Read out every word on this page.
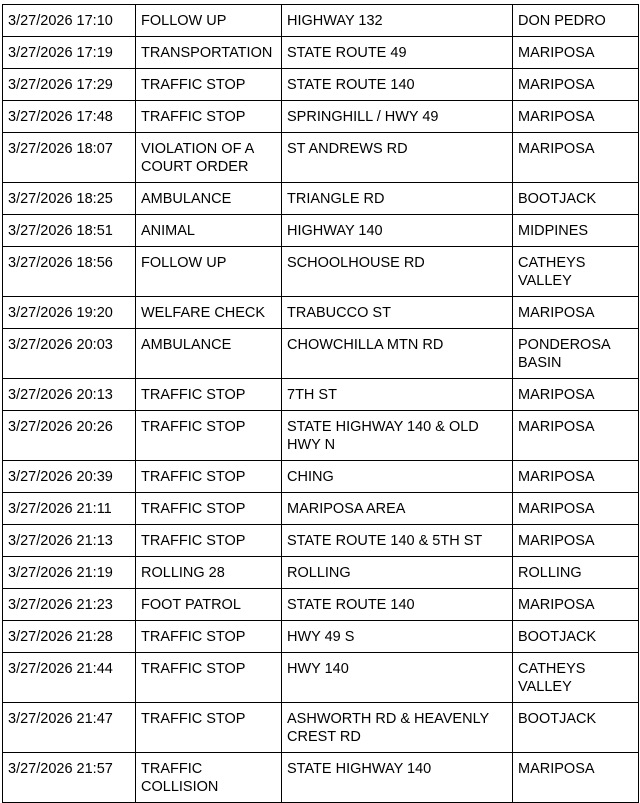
3/27/2026 17:10	FOLLOW UP	HIGHWAY 132	DON PEDRO
3/27/2026 17:19	TRANSPORTATION	STATE ROUTE 49	MARIPOSA
3/27/2026 17:29	TRAFFIC STOP	STATE ROUTE 140	MARIPOSA
3/27/2026 17:48	TRAFFIC STOP	SPRINGHILL / HWY 49	MARIPOSA
3/27/2026 18:07	VIOLATION OF A COURT ORDER	ST ANDREWS RD	MARIPOSA
3/27/2026 18:25	AMBULANCE	TRIANGLE RD	BOOTJACK
3/27/2026 18:51	ANIMAL	HIGHWAY 140	MIDPINES
3/27/2026 18:56	FOLLOW UP	SCHOOLHOUSE RD	CATHEYS VALLEY
3/27/2026 19:20	WELFARE CHECK	TRABUCCO ST	MARIPOSA
3/27/2026 20:03	AMBULANCE	CHOWCHILLA MTN RD	PONDEROSA BASIN
3/27/2026 20:13	TRAFFIC STOP	7TH ST	MARIPOSA
3/27/2026 20:26	TRAFFIC STOP	STATE HIGHWAY 140 & OLD HWY N	MARIPOSA
3/27/2026 20:39	TRAFFIC STOP	CHING	MARIPOSA
3/27/2026 21:11	TRAFFIC STOP	MARIPOSA AREA	MARIPOSA
3/27/2026 21:13	TRAFFIC STOP	STATE ROUTE 140 & 5TH ST	MARIPOSA
3/27/2026 21:19	ROLLING 28	ROLLING	ROLLING
3/27/2026 21:23	FOOT PATROL	STATE ROUTE 140	MARIPOSA
3/27/2026 21:28	TRAFFIC STOP	HWY 49 S	BOOTJACK
3/27/2026 21:44	TRAFFIC STOP	HWY 140	CATHEYS VALLEY
3/27/2026 21:47	TRAFFIC STOP	ASHWORTH RD & HEAVENLY CREST RD	BOOTJACK
3/27/2026 21:57	TRAFFIC COLLISION	STATE HIGHWAY 140	MARIPOSA
